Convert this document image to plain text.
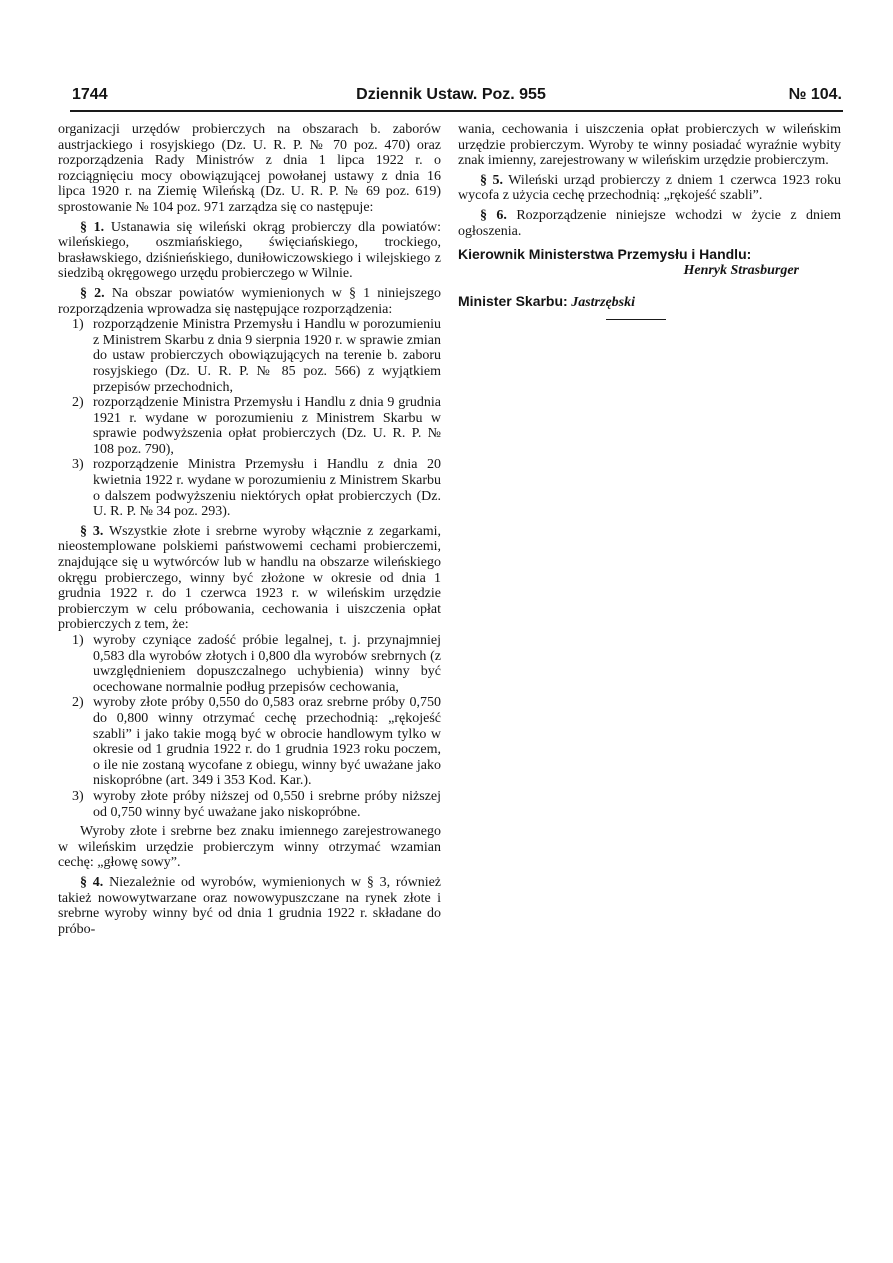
1744	Dziennik Ustaw. Poz. 955	№ 104.

organizacji urzędów probierczych na obszarach b. zaborów austrjackiego i rosyjskiego (Dz. U. R. P. № 70 poz. 470) oraz rozporządzenia Rady Ministrów z dnia 1 lipca 1922 r. o rozciągnięciu mocy obowiązującej powołanej ustawy z dnia 16 lipca 1920 r. na Ziemię Wileńską (Dz. U. R. P. № 69 poz. 619) sprostowanie № 104 poz. 971 zarządza się co następuje:

§ 1. Ustanawia się wileński okrąg probierczy dla powiatów: wileńskiego, oszmiańskiego, święciańskiego, trockiego, brasławskiego, dziśnieńskiego, duniłowiczowskiego i wilejskiego z siedzibą okręgowego urzędu probierczego w Wilnie.

§ 2. Na obszar powiatów wymienionych w § 1 niniejszego rozporządzenia wprowadza się następujące rozporządzenia:

1) rozporządzenie Ministra Przemysłu i Handlu w porozumieniu z Ministrem Skarbu z dnia 9 sierpnia 1920 r. w sprawie zmian do ustaw probierczych obowiązujących na terenie b. zaboru rosyjskiego (Dz. U. R. P. № 85 poz. 566) z wyjątkiem przepisów przechodnich,
2) rozporządzenie Ministra Przemysłu i Handlu z dnia 9 grudnia 1921 r. wydane w porozumieniu z Ministrem Skarbu w sprawie podwyższenia opłat probierczych (Dz. U. R. P. № 108 poz. 790),
3) rozporządzenie Ministra Przemysłu i Handlu z dnia 20 kwietnia 1922 r. wydane w porozumieniu z Ministrem Skarbu o dalszem podwyższeniu niektórych opłat probierczych (Dz. U. R. P. № 34 poz. 293).

§ 3. Wszystkie złote i srebrne wyroby włącznie z zegarkami, nieostemplowane polskiemi państwowemi cechami probierczemi, znajdujące się u wytwórców lub w handlu na obszarze wileńskiego okręgu probierczego, winny być złożone w okresie od dnia 1 grudnia 1922 r. do 1 czerwca 1923 r. w wileńskim urzędzie probierczym w celu próbowania, cechowania i uiszczenia opłat probierczych z tem, że:

1) wyroby czyniące zadość próbie legalnej, t. j. przynajmniej 0,583 dla wyrobów złotych i 0,800 dla wyrobów srebrnych (z uwzględnieniem dopuszczalnego uchybienia) winny być ocechowane normalnie podług przepisów cechowania,
2) wyroby złote próby 0,550 do 0,583 oraz srebrne próby 0,750 do 0,800 winny otrzymać cechę przechodnią: „rękojeść szabli” i jako takie mogą być w obrocie handlowym tylko w okresie od 1 grudnia 1922 r. do 1 grudnia 1923 roku poczem, o ile nie zostaną wycofane z obiegu, winny być uważane jako niskopróbne (art. 349 i 353 Kod. Kar.).
3) wyroby złote próby niższej od 0,550 i srebrne próby niższej od 0,750 winny być uważane jako niskopróbne.

Wyroby złote i srebrne bez znaku imiennego zarejestrowanego w wileńskim urzędzie probierczym winny otrzymać wzamian cechę: „głowę sowy”.

§ 4. Niezależnie od wyrobów, wymienionych w § 3, również takież nowowytwarzane oraz nowowypuszczane na rynek złote i srebrne wyroby winny być od dnia 1 grudnia 1922 r. składane do próbo-

wania, cechowania i uiszczenia opłat probierczych w wileńskim urzędzie probierczym. Wyroby te winny posiadać wyraźnie wybity znak imienny, zarejestrowany w wileńskim urzędzie probierczym.

§ 5. Wileński urząd probierczy z dniem 1 czerwca 1923 roku wycofa z użycia cechę przechodnią: „rękojeść szabli”.

§ 6. Rozporządzenie niniejsze wchodzi w życie z dniem ogłoszenia.

Kierownik Ministerstwa Przemysłu i Handlu:
Henryk Strasburger
Minister Skarbu: Jastrzębski
